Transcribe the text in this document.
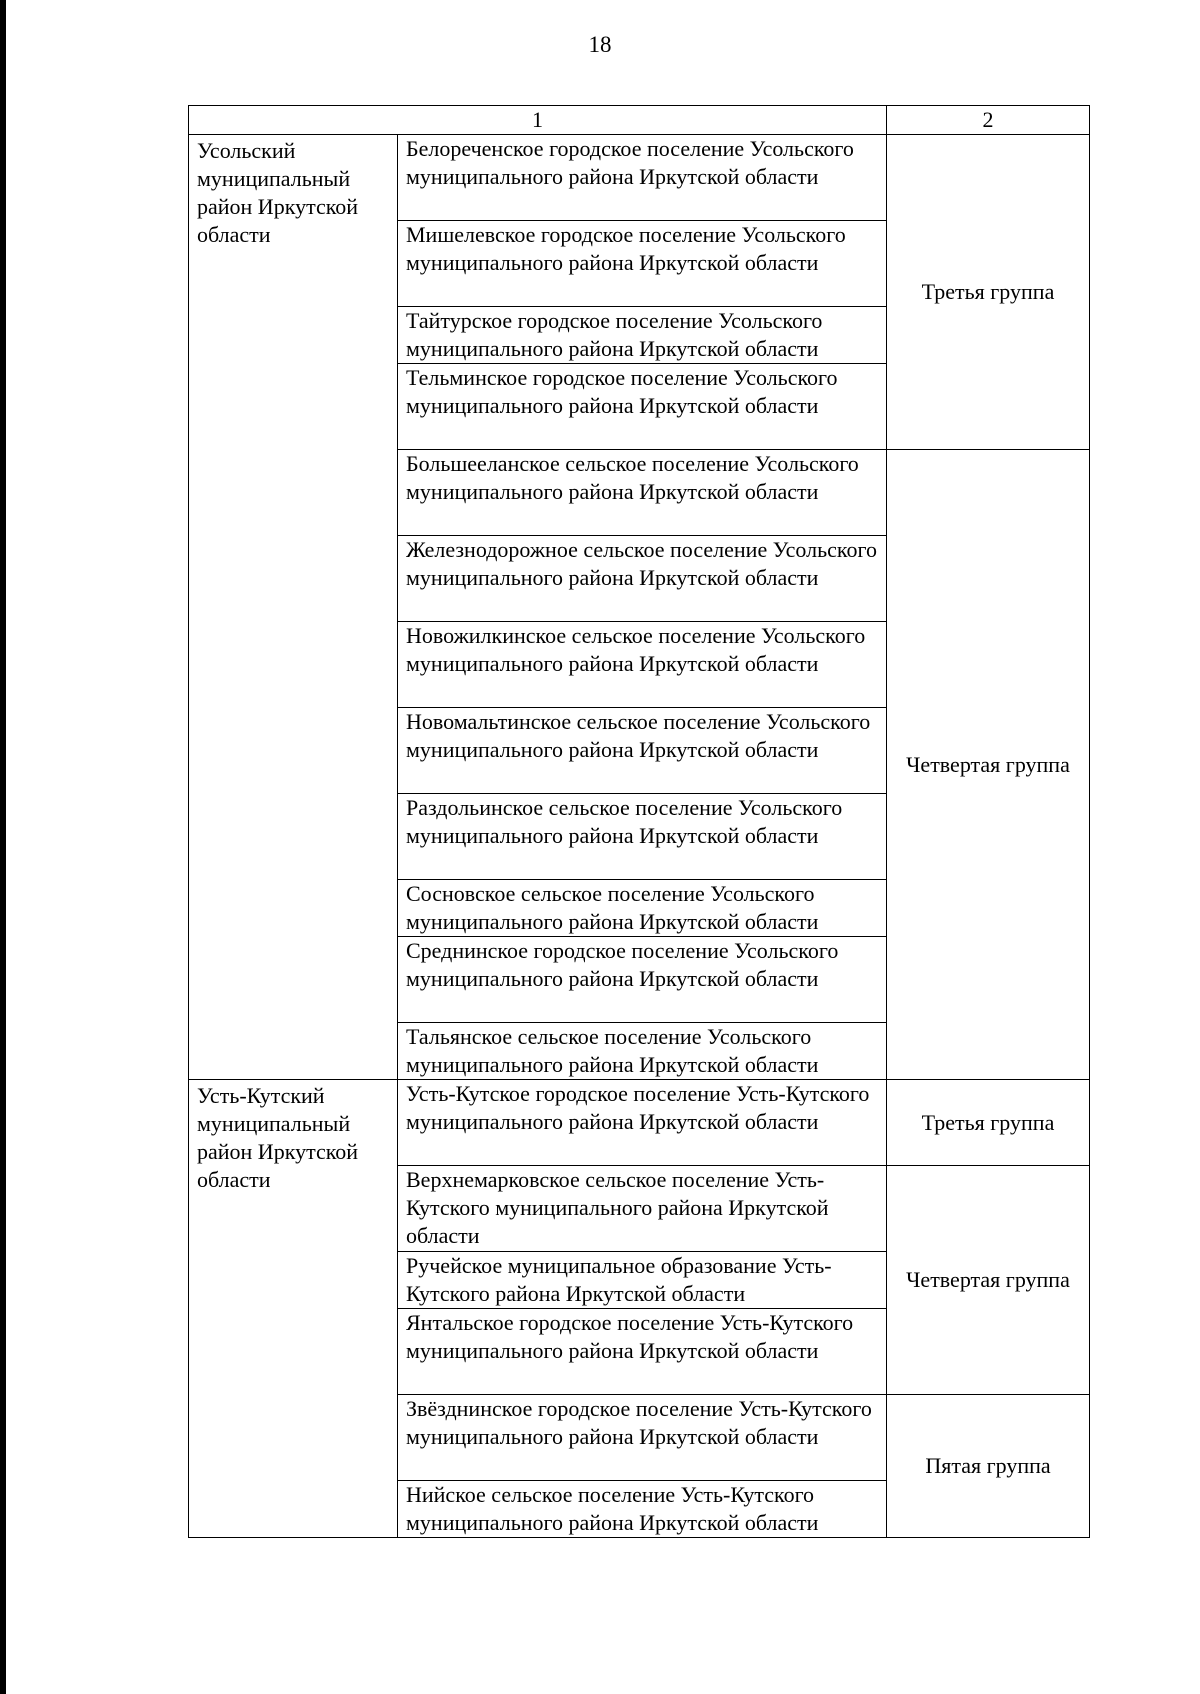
18
1		2
Усольский муниципальный район Иркутской области	Белореченское городское поселение Усольского муниципального района Иркутской области	Третья группа
	Мишелевское городское поселение Усольского муниципального района Иркутской области	
	Тайтурское городское поселение Усольского муниципального района Иркутской области	
	Тельминское городское поселение Усольского муниципального района Иркутской области	
	Большееланское сельское поселение Усольского муниципального района Иркутской области	Четвертая группа
	Железнодорожное сельское поселение Усольского муниципального района Иркутской области	
	Новожилкинское сельское поселение Усольского муниципального района Иркутской области	
	Новомальтинское сельское поселение Усольского муниципального района Иркутской области	
	Раздольинское сельское поселение Усольского муниципального района Иркутской области	
	Сосновское сельское поселение Усольского муниципального района Иркутской области	
	Среднинское городское поселение Усольского муниципального района Иркутской области	
	Тальянское сельское поселение Усольского муниципального района Иркутской области	
Усть-Кутский муниципальный район Иркутской области	Усть-Кутское городское поселение Усть-Кутского муниципального района Иркутской области	Третья группа
	Верхнемарковское сельское поселение Усть-Кутского муниципального района Иркутской области	Четвертая группа
	Ручейское муниципальное образование Усть-Кутского района Иркутской области	
	Янтальское городское поселение Усть-Кутского муниципального района Иркутской области	
	Звёзднинское городское поселение Усть-Кутского муниципального района Иркутской области	Пятая группа
	Нийское сельское поселение Усть-Кутского муниципального района Иркутской области	
